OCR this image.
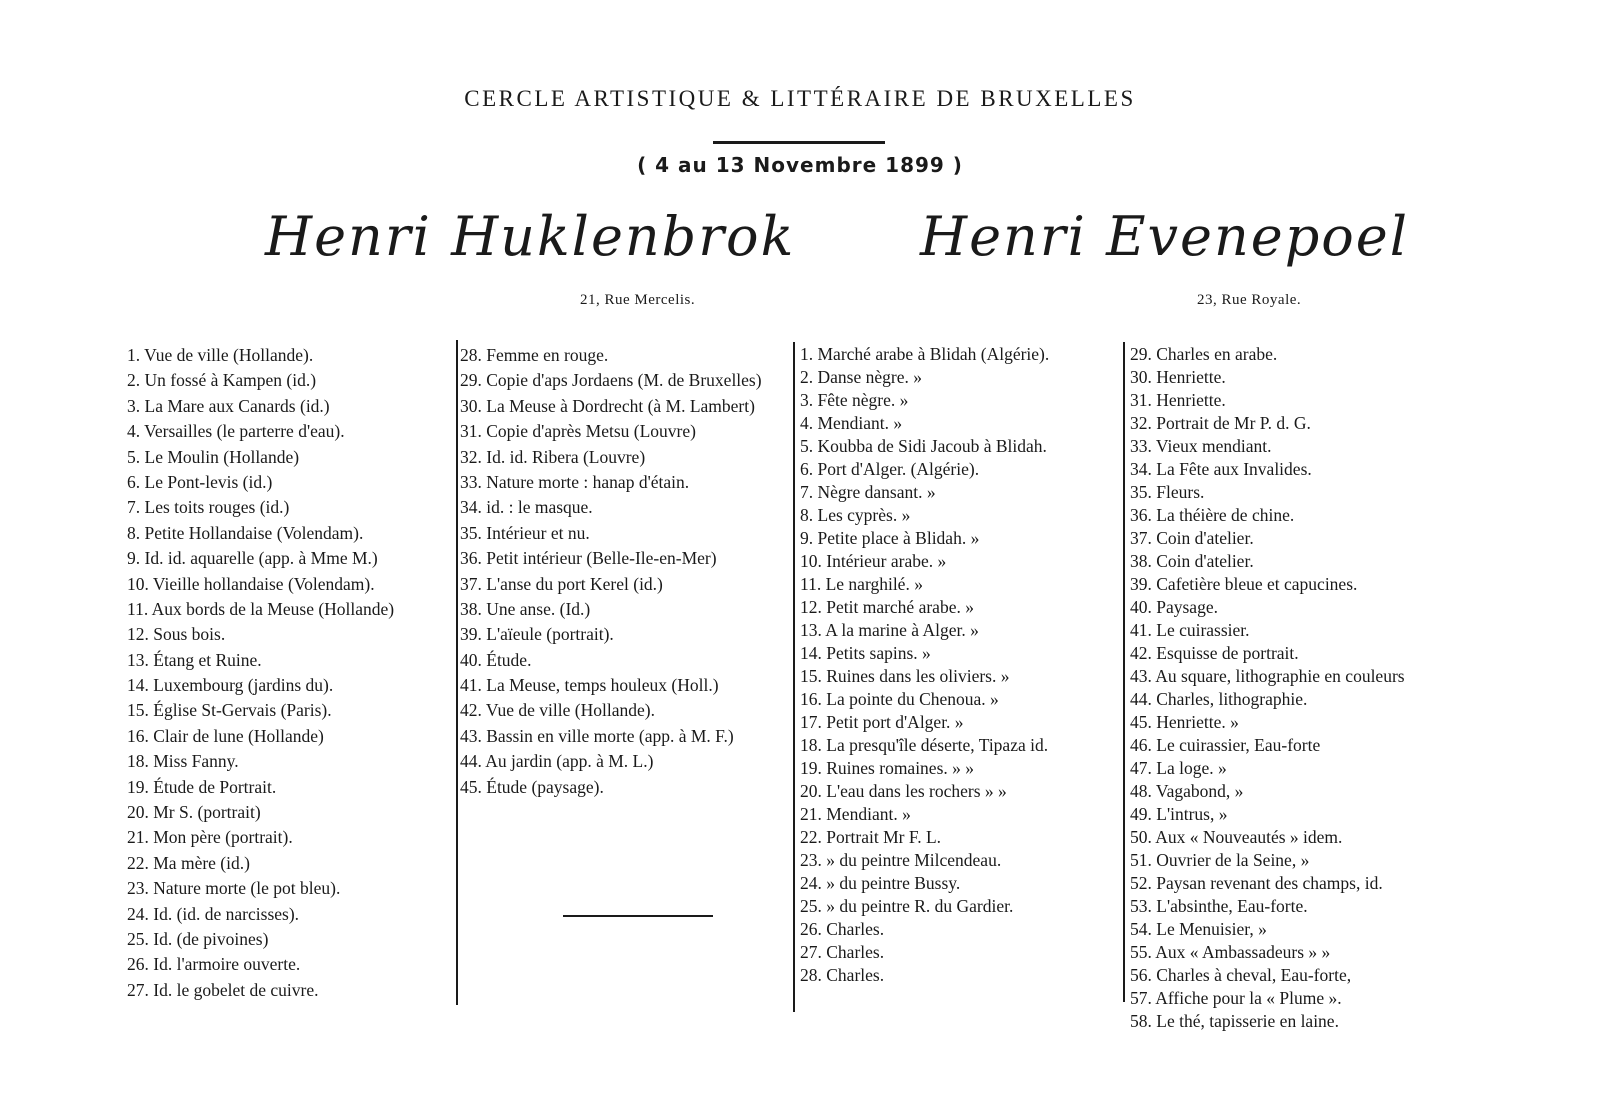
CERCLE ARTISTIQUE & LITTÉRAIRE DE BRUXELLES
( 4 au 13 Novembre 1899 )
Henri Huklenbrok Henri Evenepoel
21, Rue Mercelis.	23, Rue Royale.
1. Vue de ville (Hollande).
2. Un fossé à Kampen (id.)
3. La Mare aux Canards (id.)
4. Versailles (le parterre d'eau).
5. Le Moulin (Hollande)
6. Le Pont-levis (id.)
7. Les toits rouges (id.)
8. Petite Hollandaise (Volendam).
9. Id. id. aquarelle (app. à Mme M.)
10. Vieille hollandaise (Volendam).
11. Aux bords de la Meuse (Hollande)
12. Sous bois.
13. Étang et Ruine.
14. Luxembourg (jardins du).
15. Église St-Gervais (Paris).
16. Clair de lune (Hollande)
18. Miss Fanny.
19. Étude de Portrait.
20. Mr S. (portrait)
21. Mon père (portrait).
22. Ma mère (id.)
23. Nature morte (le pot bleu).
24. Id. (id. de narcisses).
25. Id. (de pivoines)
26. Id. l'armoire ouverte.
27. Id. le gobelet de cuivre.
28. Femme en rouge.
29. Copie d'aps Jordaens (M. de Bruxelles)
30. La Meuse à Dordrecht (à M. Lambert)
31. Copie d'après Metsu (Louvre)
32. Id. id. Ribera (Louvre)
33. Nature morte : hanap d'étain.
34. id. : le masque.
35. Intérieur et nu.
36. Petit intérieur (Belle-Ile-en-Mer)
37. L'anse du port Kerel (id.)
38. Une anse. (Id.)
39. L'aïeule (portrait).
40. Étude.
41. La Meuse, temps houleux (Holl.)
42. Vue de ville (Hollande).
43. Bassin en ville morte (app. à M. F.)
44. Au jardin (app. à M. L.)
45. Étude (paysage).
1. Marché arabe à Blidah (Algérie).
2. Danse nègre. »
3. Fête nègre. »
4. Mendiant. »
5. Koubba de Sidi Jacoub à Blidah.
6. Port d'Alger. (Algérie).
7. Nègre dansant. »
8. Les cyprès. »
9. Petite place à Blidah. »
10. Intérieur arabe. »
11. Le narghilé. »
12. Petit marché arabe. »
13. A la marine à Alger. »
14. Petits sapins. »
15. Ruines dans les oliviers. »
16. La pointe du Chenoua. »
17. Petit port d'Alger. »
18. La presqu'île déserte, Tipaza id.
19. Ruines romaines. » »
20. L'eau dans les rochers » »
21. Mendiant. »
22. Portrait Mr F. L.
23. » du peintre Milcendeau.
24. » du peintre Bussy.
25. » du peintre R. du Gardier.
26. Charles.
27. Charles.
28. Charles.
29. Charles en arabe.
30. Henriette.
31. Henriette.
32. Portrait de Mr P. d. G.
33. Vieux mendiant.
34. La Fête aux Invalides.
35. Fleurs.
36. La théière de chine.
37. Coin d'atelier.
38. Coin d'atelier.
39. Cafetière bleue et capucines.
40. Paysage.
41. Le cuirassier.
42. Esquisse de portrait.
43. Au square, lithographie en couleurs
44. Charles, lithographie.
45. Henriette. »
46. Le cuirassier, Eau-forte
47. La loge. »
48. Vagabond, »
49. L'intrus, »
50. Aux « Nouveautés » idem.
51. Ouvrier de la Seine, »
52. Paysan revenant des champs, id.
53. L'absinthe, Eau-forte.
54. Le Menuisier, »
55. Aux « Ambassadeurs » »
56. Charles à cheval, Eau-forte,
57. Affiche pour la « Plume ».
58. Le thé, tapisserie en laine.
